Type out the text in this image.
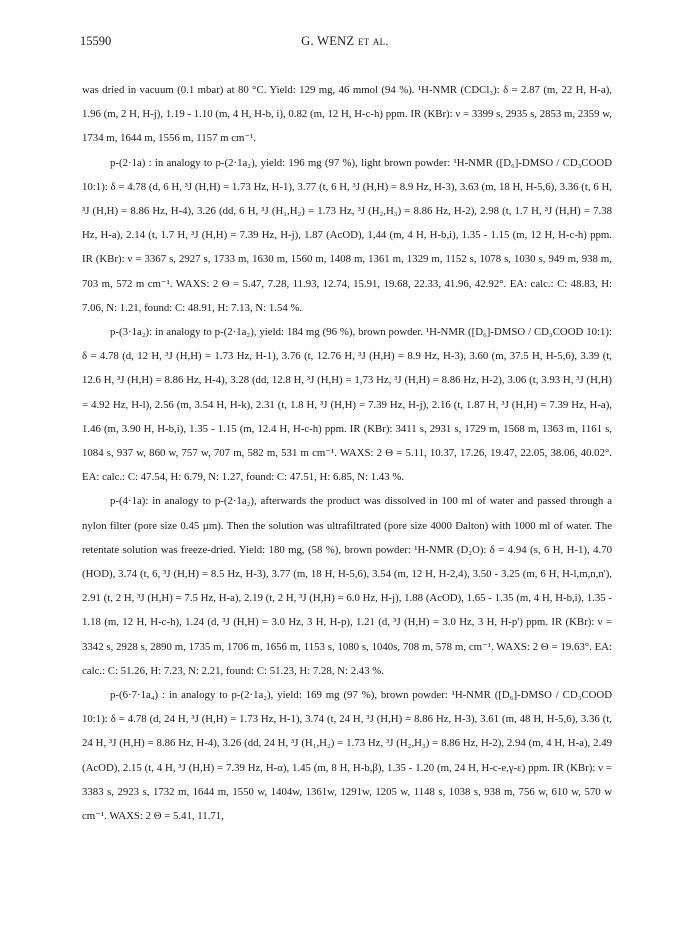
15590	G. WENZ et al.

was dried in vacuum (0.1 mbar) at 80 °C. Yield: 129 mg, 46 mmol (94 %). ¹H-NMR (CDCl₃): δ = 2.87 (m, 22 H, H-a), 1.96 (m, 2 H, H-j), 1.19 - 1.10 (m, 4 H, H-b, i), 0.82 (m, 12 H, H-c-h) ppm. IR (KBr): ν = 3399 s, 2935 s, 2853 m, 2359 w, 1734 m, 1644 m, 1556 m, 1157 m cm⁻¹.

p-(2·1a) : in analogy to p-(2·1a₂), yield: 196 mg (97 %), light brown powder: ¹H-NMR ([D₆]-DMSO / CD₃COOD 10:1): δ = 4.78 (d, 6 H, ³J (H,H) = 1.73 Hz, H-1), 3.77 (t, 6 H, ³J (H,H) = 8.9 Hz, H-3), 3.63 (m, 18 H, H-5,6), 3.36 (t, 6 H, ³J (H,H) = 8.86 Hz, H-4), 3.26 (dd, 6 H, ³J (H₁,H₂) = 1.73 Hz, ³J (H₂,H₃) = 8.86 Hz, H-2), 2.98 (t, 1.7 H, ³J (H,H) = 7.38 Hz, H-a), 2.14 (t, 1.7 H, ³J (H,H) = 7.39 Hz, H-j), 1.87 (AcOD), 1,44 (m, 4 H, H-b,i), 1.35 - 1.15 (m, 12 H, H-c-h) ppm. IR (KBr): ν = 3367 s, 2927 s, 1733 m, 1630 m, 1560 m, 1408 m, 1361 m, 1329 m, 1152 s, 1078 s, 1030 s, 949 m, 938 m, 703 m, 572 m cm⁻¹. WAXS: 2 Θ = 5.47, 7.28, 11.93, 12.74, 15.91, 19.68, 22.33, 41.96, 42.92°. EA: calc.: C: 48.83, H: 7.06, N: 1.21, found: C: 48.91, H: 7.13, N: 1.54 %.

p-(3·1a₂): in analogy to p-(2·1a₂), yield: 184 mg (96 %), brown powder. ¹H-NMR ([D₆]-DMSO / CD₃COOD 10:1): δ = 4.78 (d, 12 H, ³J (H,H) = 1.73 Hz, H-1), 3.76 (t, 12.76 H, ³J (H,H) = 8.9 Hz, H-3), 3.60 (m, 37.5 H, H-5,6), 3.39 (t, 12.6 H, ³J (H,H) = 8.86 Hz, H-4), 3.28 (dd, 12.8 H, ³J (H,H) = 1,73 Hz, ³J (H,H) = 8.86 Hz, H-2), 3.06 (t, 3.93 H, ³J (H,H) = 4.92 Hz, H-l), 2.56 (m, 3.54 H, H-k), 2.31 (t, 1.8 H, ³J (H,H) = 7.39 Hz, H-j), 2.16 (t, 1.87 H, ³J (H,H) = 7.39 Hz, H-a), 1.46 (m, 3.90 H, H-b,i), 1.35 - 1.15 (m, 12.4 H, H-c-h) ppm. IR (KBr): 3411 s, 2931 s, 1729 m, 1568 m, 1363 m, 1161 s, 1084 s, 937 w, 860 w, 757 w, 707 m, 582 m, 531 m cm⁻¹. WAXS: 2 Θ = 5.11, 10.37, 17.26, 19.47, 22.05, 38.06, 40.02°. EA: calc.: C: 47.54, H: 6.79, N: 1.27, found: C: 47.51, H: 6.85, N: 1.43 %.

p-(4·1a): in analogy to p-(2·1a₂), afterwards the product was dissolved in 100 ml of water and passed through a nylon filter (pore size 0.45 µm). Then the solution was ultrafiltrated (pore size 4000 Dalton) with 1000 ml of water. The retentate solution was freeze-dried. Yield: 180 mg, (58 %), brown powder: ¹H-NMR (D₂O): δ = 4.94 (s, 6 H, H-1), 4.70 (HOD), 3.74 (t, 6, ³J (H,H) = 8.5 Hz, H-3), 3.77 (m, 18 H, H-5,6), 3.54 (m, 12 H, H-2,4), 3.50 - 3.25 (m, 6 H, H-l,m,n,n'), 2.91 (t, 2 H, ³J (H,H) = 7.5 Hz, H-a), 2.19 (t, 2 H, ³J (H,H) = 6.0 Hz, H-j), 1.88 (AcOD), 1.65 - 1.35 (m, 4 H, H-b,i), 1.35 - 1.18 (m, 12 H, H-c-h), 1.24 (d, ³J (H,H) = 3.0 Hz, 3 H, H-p), 1.21 (d, ³J (H,H) = 3.0 Hz, 3 H, H-p') ppm. IR (KBr): ν = 3342 s, 2928 s, 2890 m, 1735 m, 1706 m, 1656 m, 1153 s, 1080 s, 1040s, 708 m, 578 m, cm⁻¹. WAXS: 2 Θ = 19.63°. EA: calc.: C: 51.26, H: 7.23, N: 2.21, found: C: 51.23, H: 7.28, N: 2.43 %.

p-(6·7·1a₄) : in analogy to p-(2·1a₂), yield: 169 mg (97 %), brown powder: ¹H-NMR ([D₆]-DMSO / CD₃COOD 10:1): δ = 4.78 (d, 24 H, ³J (H,H) = 1.73 Hz, H-1), 3.74 (t, 24 H, ³J (H,H) = 8.86 Hz, H-3), 3.61 (m, 48 H, H-5,6), 3.36 (t, 24 H, ³J (H,H) = 8.86 Hz, H-4), 3.26 (dd, 24 H, ³J (H₁,H₂) = 1.73 Hz, ³J (H₂,H₃) = 8.86 Hz, H-2), 2.94 (m, 4 H, H-a), 2.49 (AcOD), 2.15 (t, 4 H, ³J (H,H) = 7.39 Hz, H-α), 1.45 (m, 8 H, H-b,β), 1.35 - 1.20 (m, 24 H, H-c-e,γ-ε) ppm. IR (KBr): ν = 3383 s, 2923 s, 1732 m, 1644 m, 1550 w, 1404w, 1361w, 1291w, 1205 w, 1148 s, 1038 s, 938 m, 756 w, 610 w, 570 w cm⁻¹. WAXS: 2 Θ = 5.41, 11.71,
